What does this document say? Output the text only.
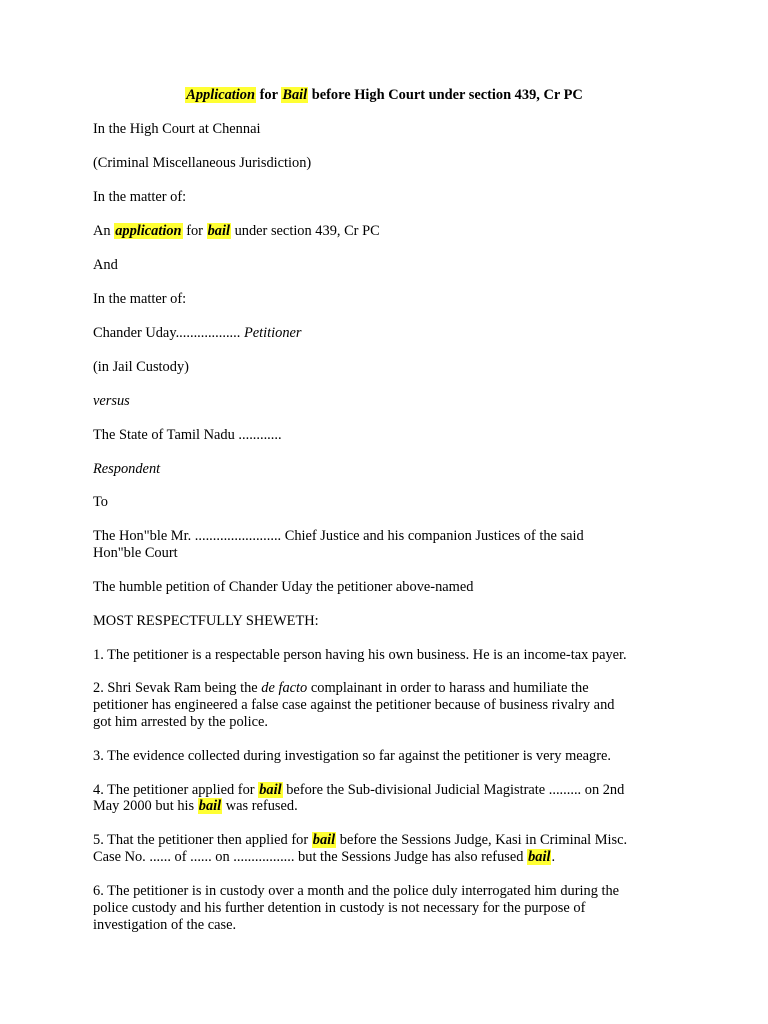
Application for Bail before High Court under section 439, Cr PC
In the High Court at Chennai
(Criminal Miscellaneous Jurisdiction)
In the matter of:
An application for bail under section 439, Cr PC
And
In the matter of:
Chander Uday.................. Petitioner
(in Jail Custody)
versus
The State of Tamil Nadu ............
Respondent
To
The Hon"ble Mr. ........................ Chief Justice and his companion Justices of the said
Hon"ble Court
The humble petition of Chander Uday the petitioner above-named
MOST RESPECTFULLY SHEWETH:
1. The petitioner is a respectable person having his own business. He is an income-tax payer.
2. Shri Sevak Ram being the de facto complainant in order to harass and humiliate the
petitioner has engineered a false case against the petitioner because of business rivalry and
got him arrested by the police.
3. The evidence collected during investigation so far against the petitioner is very meagre.
4. The petitioner applied for bail before the Sub-divisional Judicial Magistrate ......... on 2nd
May 2000 but his bail was refused.
5. That the petitioner then applied for bail before the Sessions Judge, Kasi in Criminal Misc.
Case No. ...... of ...... on ................. but the Sessions Judge has also refused bail.
6. The petitioner is in custody over a month and the police duly interrogated him during the
police custody and his further detention in custody is not necessary for the purpose of
investigation of the case.
